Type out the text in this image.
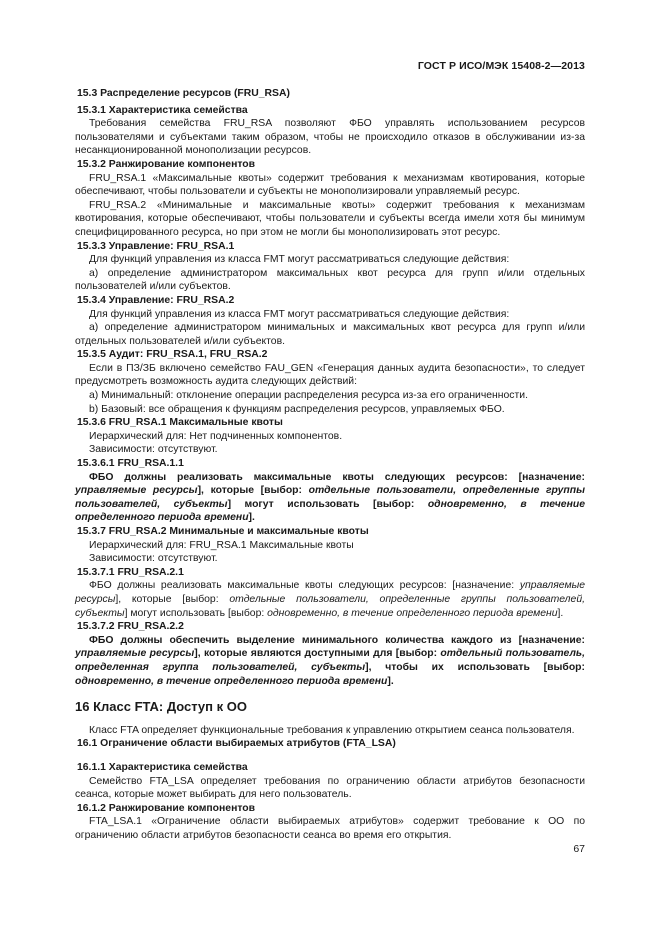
ГОСТ Р ИСО/МЭК 15408-2—2013

15.3 Распределение ресурсов (FRU_RSA)

15.3.1 Характеристика семейства

Требования семейства FRU_RSA позволяют ФБО управлять использованием ресурсов пользователями и субъектами таким образом, чтобы не происходило отказов в обслуживании из-за несанкционированной монополизации ресурсов.

15.3.2 Ранжирование компонентов

FRU_RSA.1 «Максимальные квоты» содержит требования к механизмам квотирования, которые обеспечивают, чтобы пользователи и субъекты не монополизировали управляемый ресурс.

FRU_RSA.2 «Минимальные и максимальные квоты» содержит требования к механизмам квотирования, которые обеспечивают, чтобы пользователи и субъекты всегда имели хотя бы минимум специфицированного ресурса, но при этом не могли бы монополизировать этот ресурс.

15.3.3 Управление: FRU_RSA.1

Для функций управления из класса FMT могут рассматриваться следующие действия:

a) определение администратором максимальных квот ресурса для групп и/или отдельных пользователей и/или субъектов.

15.3.4 Управление: FRU_RSA.2

Для функций управления из класса FMT могут рассматриваться следующие действия:

a) определение администратором минимальных и максимальных квот ресурса для групп и/или отдельных пользователей и/или субъектов.

15.3.5 Аудит: FRU_RSA.1, FRU_RSA.2

Если в ПЗ/ЗБ включено семейство FAU_GEN «Генерация данных аудита безопасности», то следует предусмотреть возможность аудита следующих действий:

a) Минимальный: отклонение операции распределения ресурса из-за его ограниченности.

b) Базовый: все обращения к функциям распределения ресурсов, управляемых ФБО.

15.3.6 FRU_RSA.1 Максимальные квоты

Иерархический для: Нет подчиненных компонентов.

Зависимости: отсутствуют.

15.3.6.1 FRU_RSA.1.1

ФБО должны реализовать максимальные квоты следующих ресурсов: [назначение: управляемые ресурсы], которые [выбор: отдельные пользователи, определенные группы пользователей, субъекты] могут использовать [выбор: одновременно, в течение определенного периода времени].

15.3.7 FRU_RSA.2 Минимальные и максимальные квоты

Иерархический для: FRU_RSA.1 Максимальные квоты

Зависимости: отсутствуют.

15.3.7.1 FRU_RSA.2.1

ФБО должны реализовать максимальные квоты следующих ресурсов: [назначение: управляемые ресурсы], которые [выбор: отдельные пользователи, определенные группы пользователей, субъекты] могут использовать [выбор: одновременно, в течение определенного периода времени].

15.3.7.2 FRU_RSA.2.2

ФБО должны обеспечить выделение минимального количества каждого из [назначение: управляемые ресурсы], которые являются доступными для [выбор: отдельный пользователь, определенная группа пользователей, субъекты], чтобы их использовать [выбор: одновременно, в течение определенного периода времени].

16 Класс FTA: Доступ к ОО

Класс FTA определяет функциональные требования к управлению открытием сеанса пользователя.

16.1 Ограничение области выбираемых атрибутов (FTA_LSA)

16.1.1 Характеристика семейства

Семейство FTA_LSA определяет требования по ограничению области атрибутов безопасности сеанса, которые может выбирать для него пользователь.

16.1.2 Ранжирование компонентов

FTA_LSA.1 «Ограничение области выбираемых атрибутов» содержит требование к ОО по ограничению области атрибутов безопасности сеанса во время его открытия.

67
